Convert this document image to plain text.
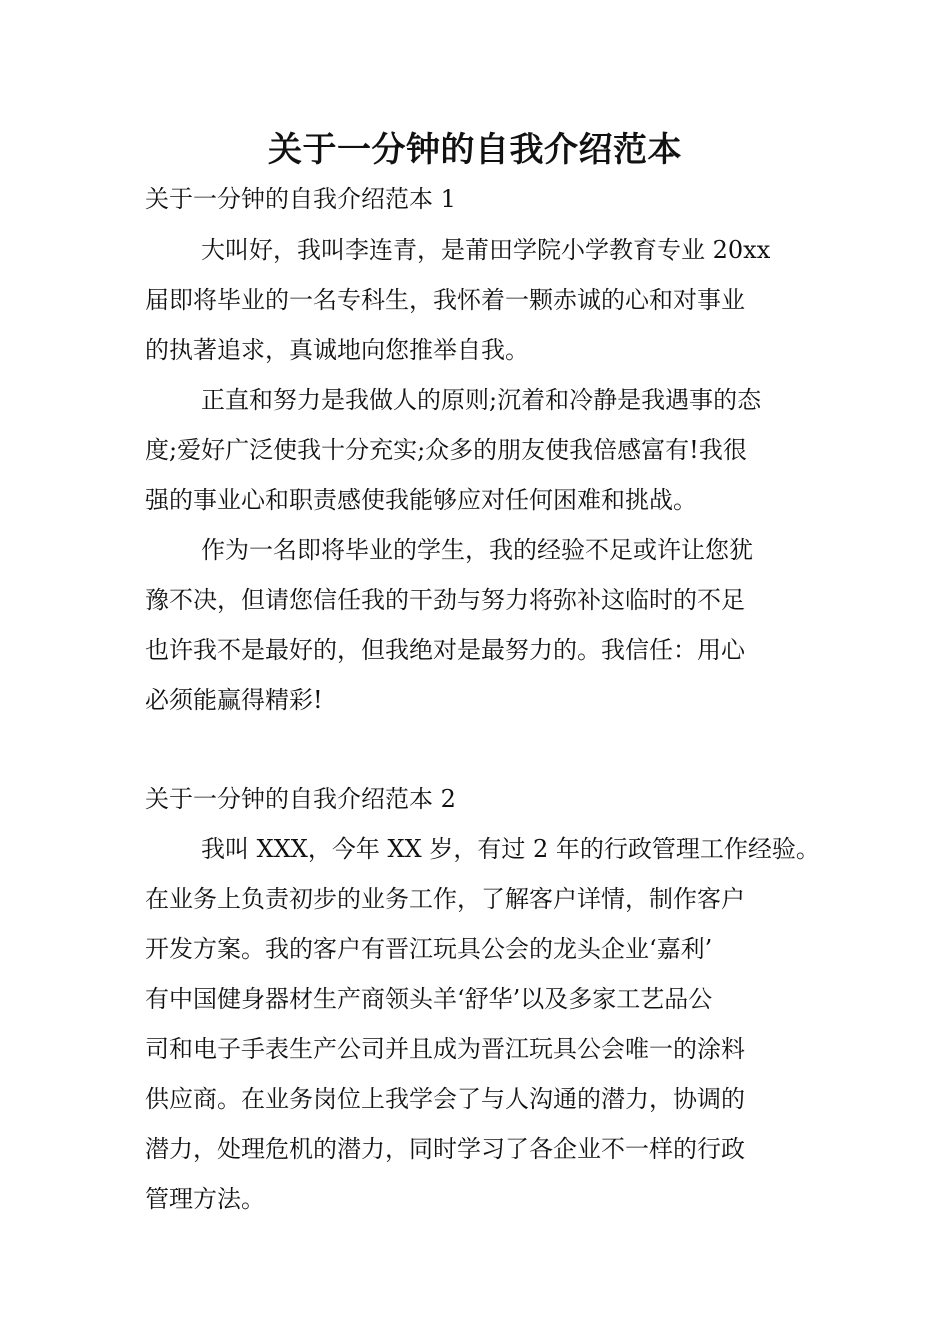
关于一分钟的自我介绍范本
关于一分钟的自我介绍范本 1

大叫好，我叫李连青，是莆田学院小学教育专业 20xx
届即将毕业的一名专科生，我怀着一颗赤诚的心和对事业
的执著追求，真诚地向您推举自我。

正直和努力是我做人的原则;沉着和冷静是我遇事的态
度;爱好广泛使我十分充实;众多的朋友使我倍感富有!我很
强的事业心和职责感使我能够应对任何困难和挑战。

作为一名即将毕业的学生，我的经验不足或许让您犹
豫不决，但请您信任我的干劲与努力将弥补这临时的不足
也许我不是最好的，但我绝对是最努力的。我信任：用心
必须能赢得精彩!

关于一分钟的自我介绍范本 2

我叫 XXX，今年 XX 岁，有过 2 年的行政管理工作经验。
在业务上负责初步的业务工作，了解客户详情，制作客户
开发方案。我的客户有晋江玩具公会的龙头企业‘嘉利’
有中国健身器材生产商领头羊‘舒华’以及多家工艺品公
司和电子手表生产公司并且成为晋江玩具公会唯一的涂料
供应商。在业务岗位上我学会了与人沟通的潜力，协调的
潜力，处理危机的潜力，同时学习了各企业不一样的行政
管理方法。
